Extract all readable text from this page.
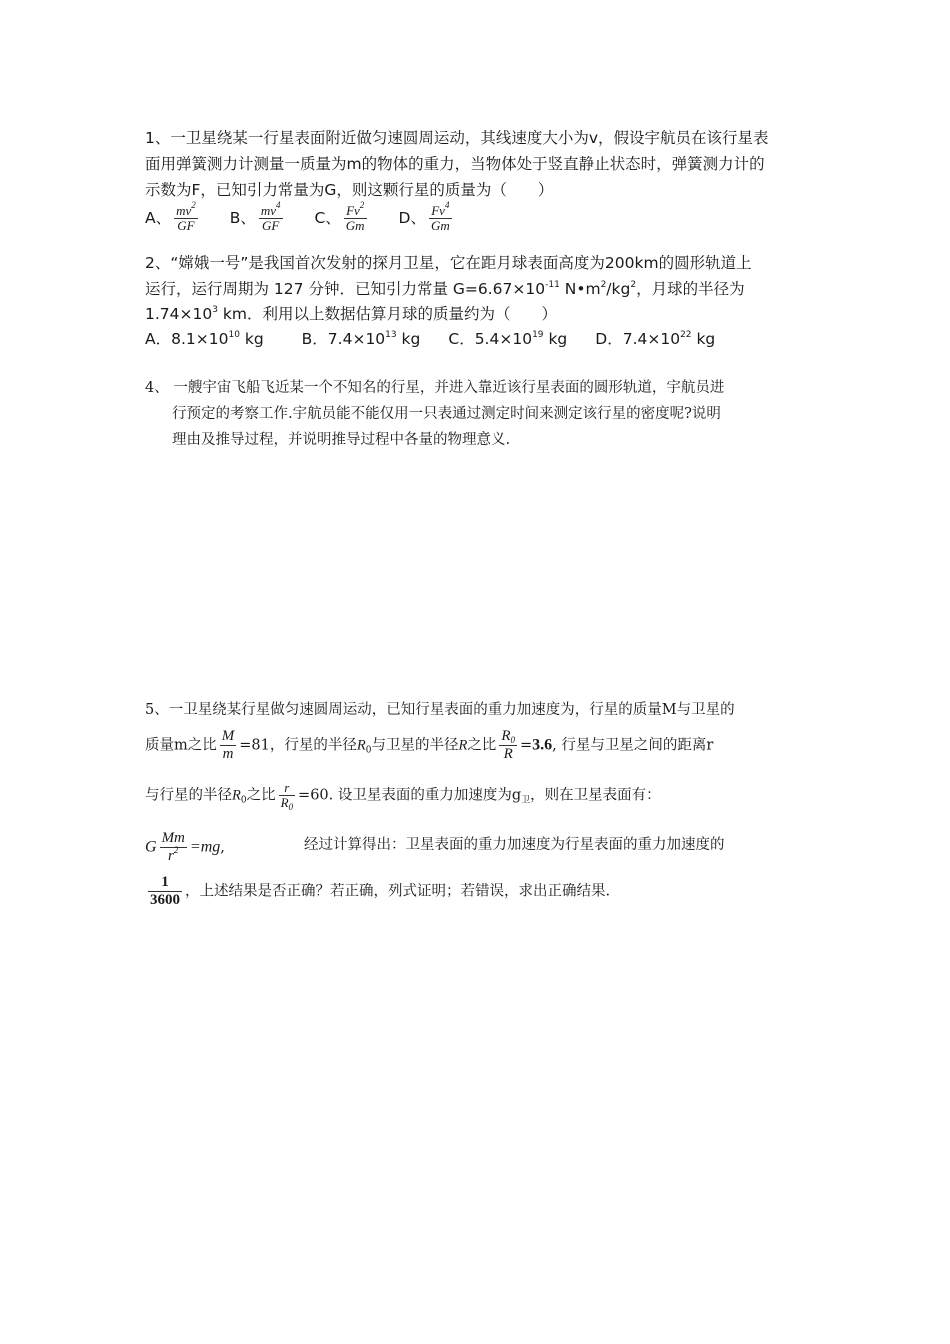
1、一卫星绕某一行星表面附近做匀速圆周运动，其线速度大小为v，假设宇航员在该行星表
面用弹簧测力计测量一质量为m的物体的重力，当物体处于竖直静止状态时，弹簧测力计的
示数为F，已知引力常量为G，则这颗行星的质量为（　　）
A、 $\frac{mv^2}{GF}$ B、 $\frac{mv^4}{GF}$ C、 $\frac{Fv^2}{Gm}$ D、 $\frac{Fv^4}{Gm}$
2、“嫦娥一号”是我国首次发射的探月卫星，它在距月球表面高度为200km的圆形轨道上
运行，运行周期为 127 分钟．已知引力常量 $G=6.67\times 10^{-11}$ $N•m^2/kg^2$，月球的半径为
$1.74\times 10^3$ km．利用以上数据估算月球的质量约为（　　）
A．$8.1\times 10^{10}$ kg B．$7.4\times 10^{13}$ kg C．$5.4\times 10^{19}$ kg D．$7.4\times 10^{22}$ kg
4、 一艘宇宙飞船飞近某一个不知名的行星，并进入靠近该行星表面的圆形轨道，宇航员进
行预定的考察工作.宇航员能不能仅用一只表通过测定时间来测定该行星的密度呢?说明
理由及推导过程，并说明推导过程中各量的物理意义.
5、一卫星绕某行星做匀速圆周运动，已知行星表面的重力加速度为，行星的质量M与卫星的
质量m之比 $\frac{M}{m} =81$，行星的半径$R_0$与卫星的半径R之比 $\frac{R_0}{R} =3.6$, 行星与卫星之间的距离r
与行星的半径$R_0$之比 $\frac{r}{R_0} =60$. 设卫星表面的重力加速度为$g_卫$，则在卫星表面有：
G $\frac{Mm}{r^2} =mg$,	经过计算得出：卫星表面的重力加速度为行星表面的重力加速度的
$\frac{1}{3600}$ ，上述结果是否正确？若正确，列式证明；若错误，求出正确结果.
